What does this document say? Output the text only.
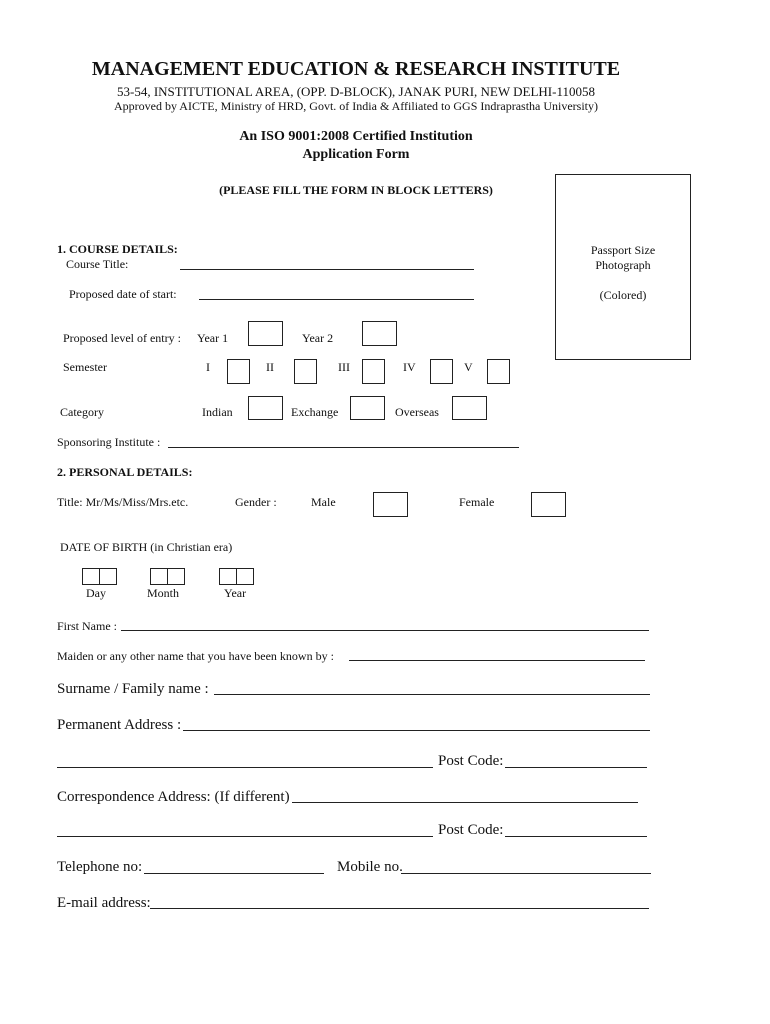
MANAGEMENT EDUCATION & RESEARCH INSTITUTE
53-54, INSTITUTIONAL AREA, (OPP. D-BLOCK), JANAK PURI, NEW DELHI-110058
Approved by AICTE, Ministry of HRD, Govt. of India & Affiliated to GGS Indraprastha University)
An ISO 9001:2008 Certified Institution
Application Form
(PLEASE FILL THE FORM IN BLOCK LETTERS)
Passport Size
Photograph
(Colored)
1. COURSE DETAILS:
Course Title:
Proposed date of start:
Proposed level of entry : Year 1	Year 2
Semester	I	II	III	IV	V
Category	Indian	Exchange	Overseas
Sponsoring Institute :
2. PERSONAL DETAILS:
Title: Mr/Ms/Miss/Mrs.etc.	Gender :	Male	Female
DATE OF BIRTH (in Christian era)
Day	Month	Year
First Name :
Maiden or any other name that you have been known by :
Surname / Family name :
Permanent Address :
Post Code:
Correspondence Address: (If different)
Post Code:
Telephone no:	Mobile no.
E-mail address:
